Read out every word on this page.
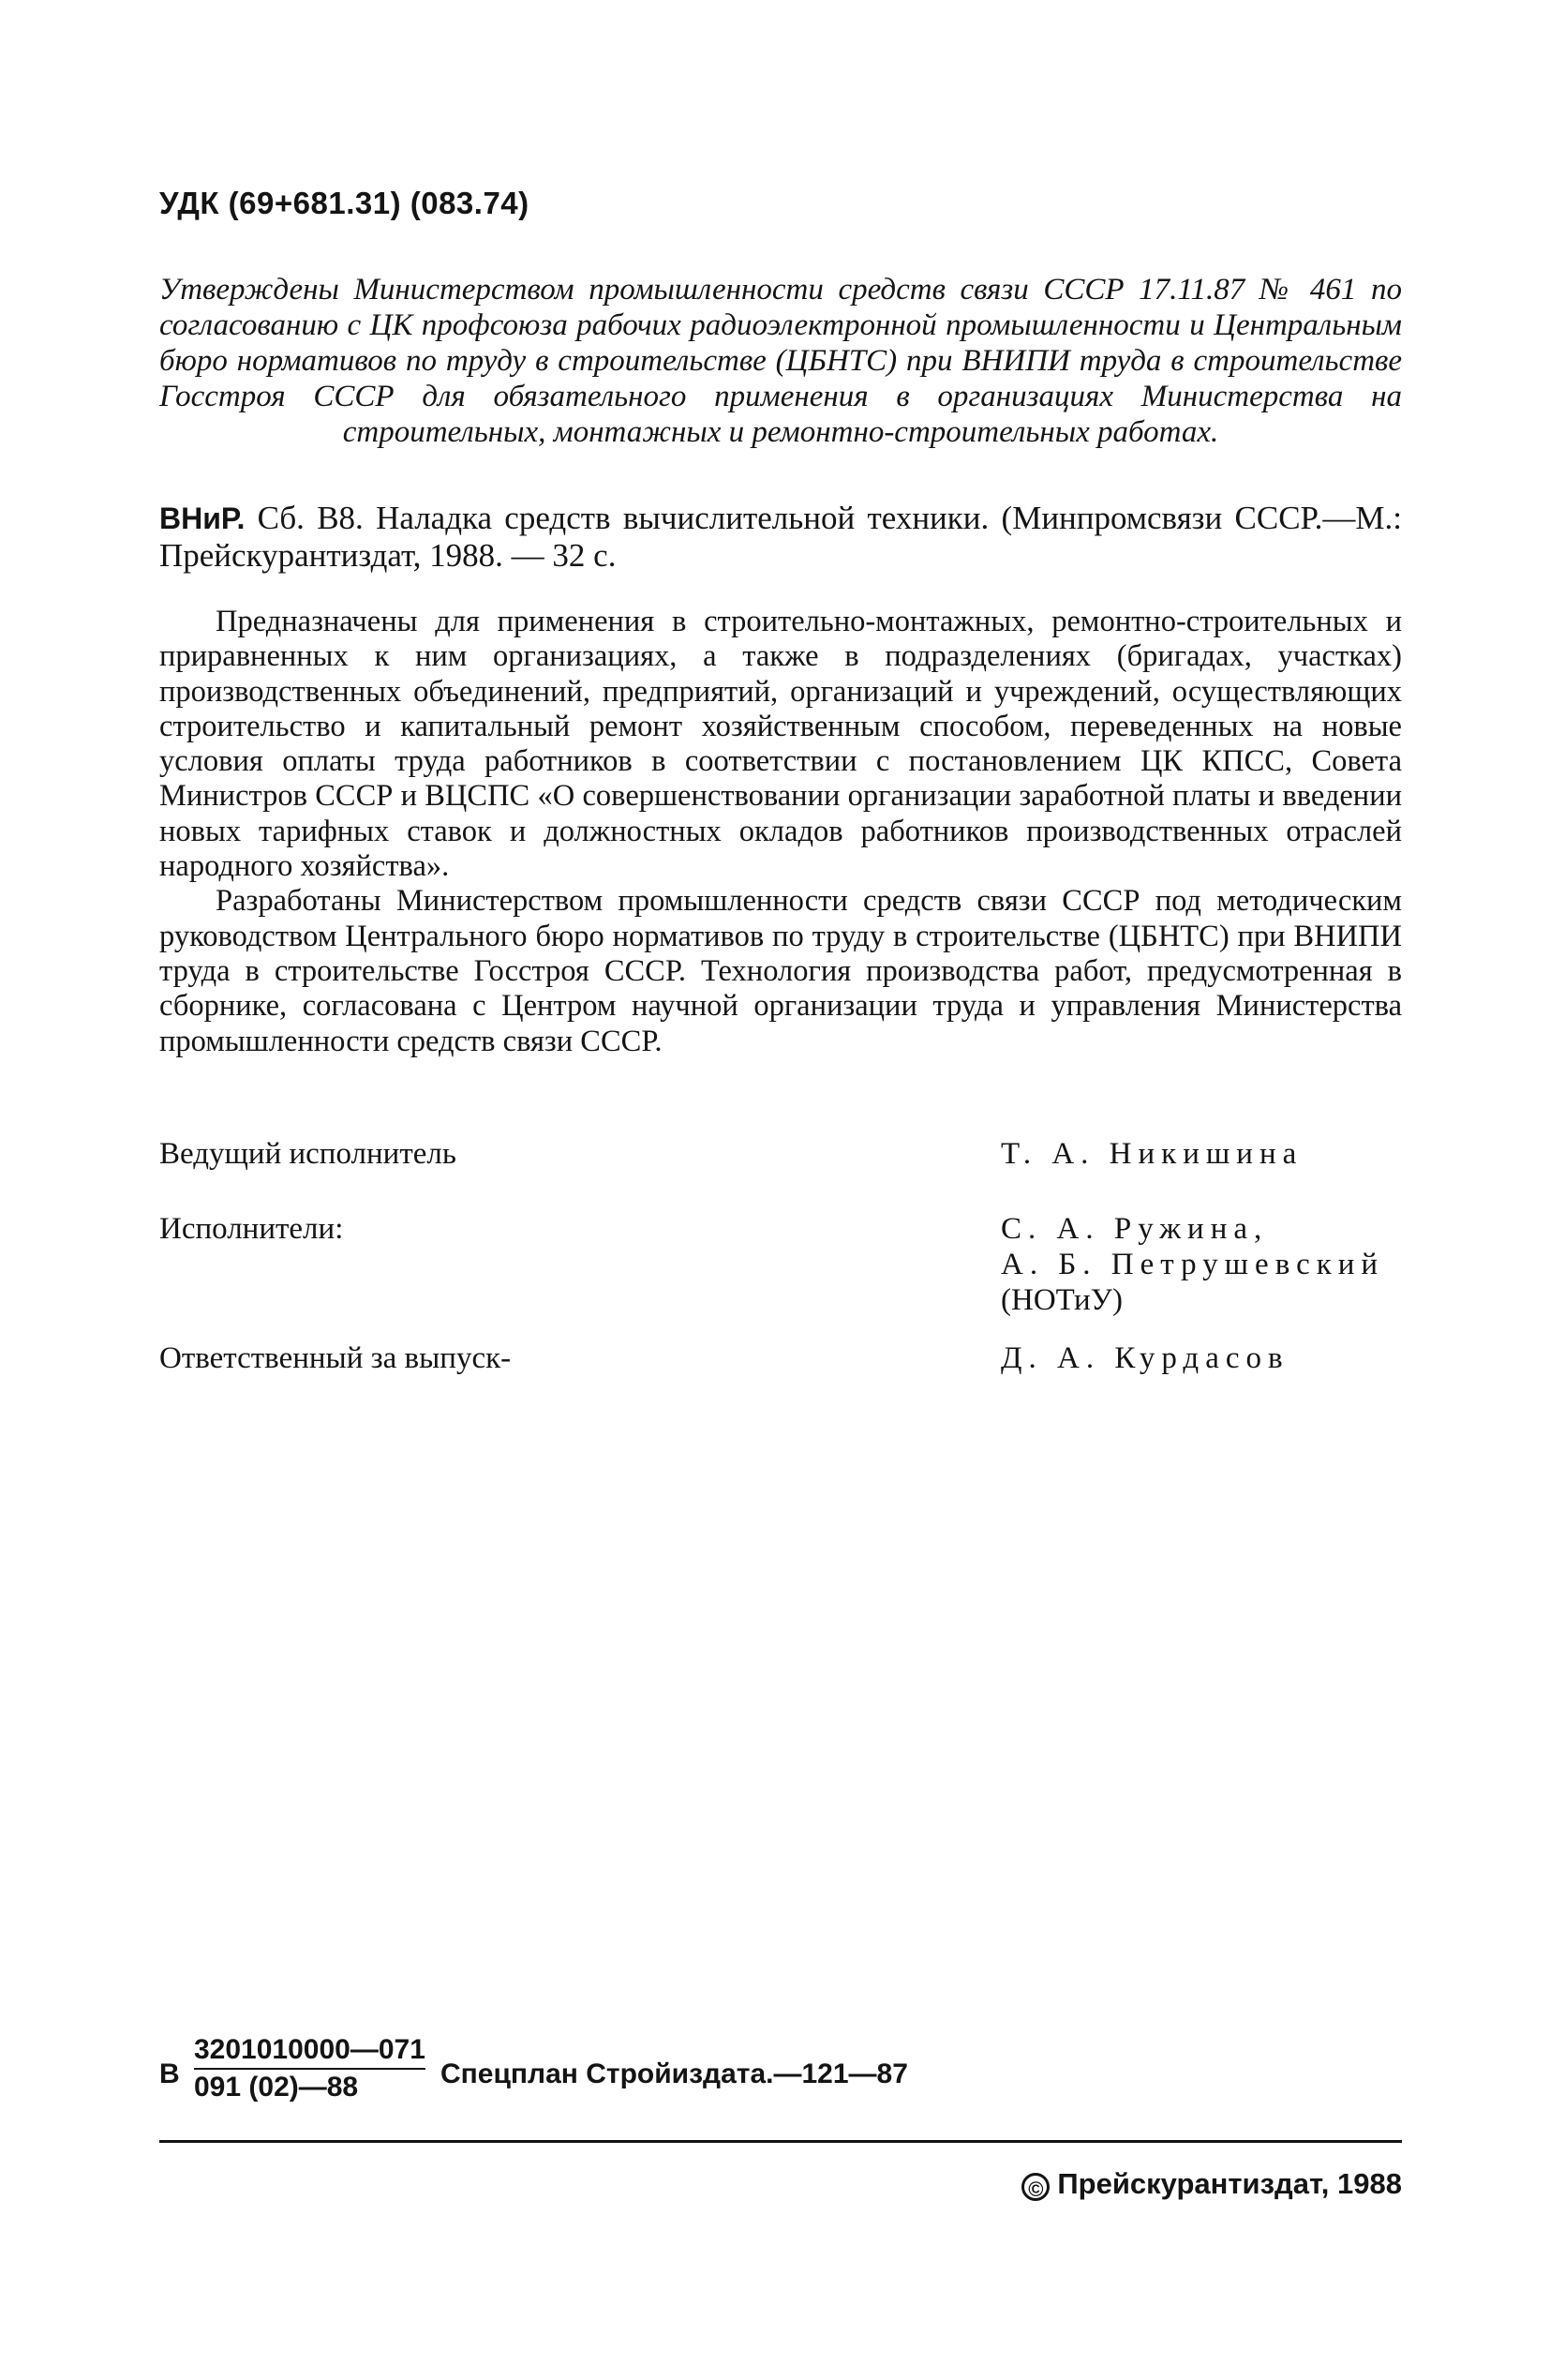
УДК (69+681.31) (083.74)
Утверждены Министерством промышленности средств связи СССР 17.11.87 № 461 по согласованию с ЦК профсоюза рабочих радиоэлектронной промышленности и Центральным бюро нормативов по труду в строительстве (ЦБНТС) при ВНИПИ труда в строительстве Госстроя СССР для обязательного применения в организациях Министерства на строительных, монтажных и ремонтно-строительных работах.
ВНиР. Сб. В8. Наладка средств вычислительной техники. (Минпромсвязи СССР.—М.: Прейскурантиздат, 1988. — 32 с.

Предназначены для применения в строительно-монтажных, ремонтно-строительных и приравненных к ним организациях, а также в подразделениях (бригадах, участках) производственных объединений, предприятий, организаций и учреждений, осуществляющих строительство и капитальный ремонт хозяйственным способом, переведенных на новые условия оплаты труда работников в соответствии с постановлением ЦК КПСС, Совета Министров СССР и ВЦСПС «О совершенствовании организации заработной платы и введении новых тарифных ставок и должностных окладов работников производственных отраслей народного хозяйства».

Разработаны Министерством промышленности средств связи СССР под методическим руководством Центрального бюро нормативов по труду в строительстве (ЦБНТС) при ВНИПИ труда в строительстве Госстроя СССР. Технология производства работ, предусмотренная в сборнике, согласована с Центром научной организации труда и управления Министерства промышленности средств связи СССР.

Ведущий исполнитель	Т. А. Никишина
Исполнители:	С. А. Ружина,
А. Б. Петрушевский
(НОТиУ)
Ответственный за выпуск-	Д. А. Курдасов
В $\frac{3201010000—071}{091 (02)—88}$ Спецплан Стройиздата.—121—87
© Прейскурантиздат, 1988
